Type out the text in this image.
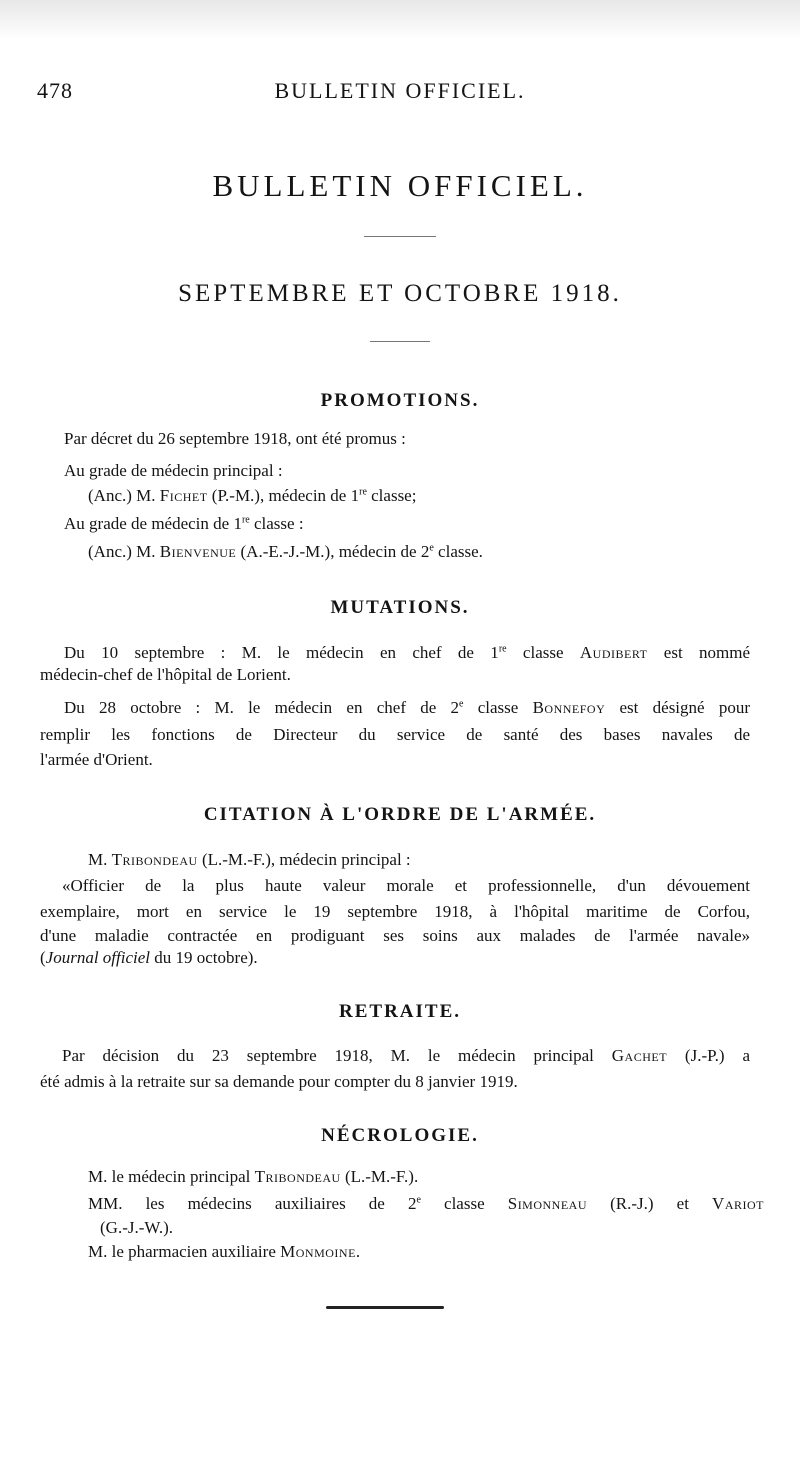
478	BULLETIN OFFICIEL.
BULLETIN OFFICIEL.
SEPTEMBRE ET OCTOBRE 1918.
PROMOTIONS.
Par décret du 26 septembre 1918, ont été promus :
Au grade de médecin principal :
(Anc.) M. Fichet (P.-M.), médecin de 1re classe;
Au grade de médecin de 1re classe :
(Anc.) M. Bienvenue (A.-E.-J.-M.), médecin de 2e classe.
MUTATIONS.
Du 10 septembre : M. le médecin en chef de 1re classe Audibert est nommé
médecin-chef de l'hôpital de Lorient.
Du 28 octobre : M. le médecin en chef de 2e classe Bonnefoy est désigné pour
remplir les fonctions de Directeur du service de santé des bases navales de
l'armée d'Orient.
CITATION À L'ORDRE DE L'ARMÉE.
M. Tribondeau (L.-M.-F.), médecin principal :
«Officier de la plus haute valeur morale et professionnelle, d'un dévouement
exemplaire, mort en service le 19 septembre 1918, à l'hôpital maritime de Corfou,
d'une maladie contractée en prodiguant ses soins aux malades de l'armée navale»
(Journal officiel du 19 octobre).
RETRAITE.
Par décision du 23 septembre 1918, M. le médecin principal Gachet (J.-P.) a
été admis à la retraite sur sa demande pour compter du 8 janvier 1919.
NÉCROLOGIE.
M. le médecin principal Tribondeau (L.-M.-F.).
MM. les médecins auxiliaires de 2e classe Simonneau (R.-J.) et Variot
(G.-J.-W.).
M. le pharmacien auxiliaire Monmoine.
